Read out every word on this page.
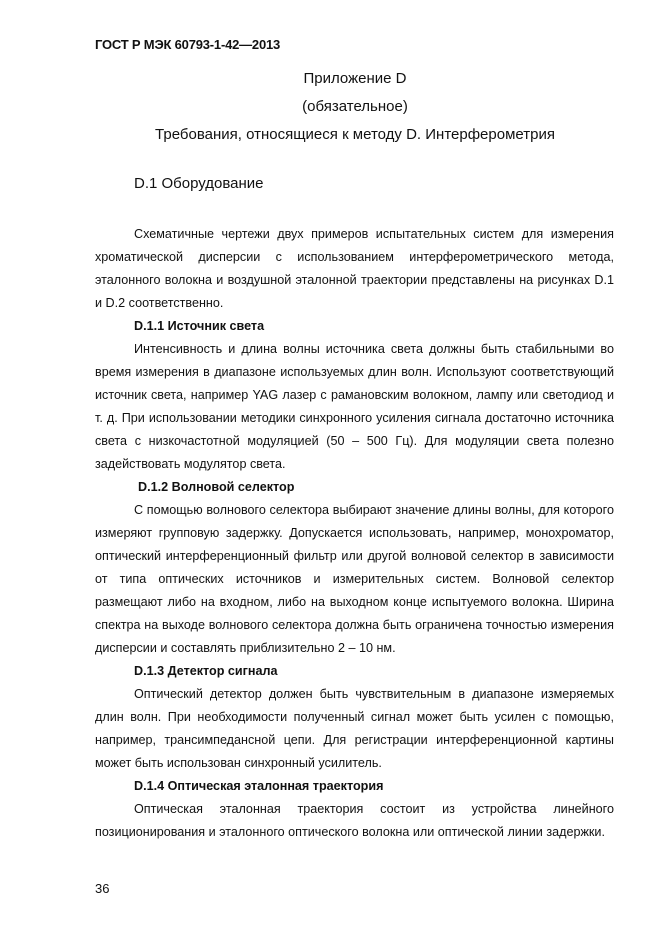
ГОСТ Р МЭК 60793-1-42—2013
Приложение D
(обязательное)
Требования, относящиеся к методу D. Интерферометрия
D.1 Оборудование
Схематичные чертежи двух примеров испытательных систем для измерения хроматической дисперсии с использованием интерферометрического метода, эталонного волокна и воздушной эталонной траектории представлены на рисунках D.1 и D.2 соответственно.
D.1.1 Источник света
Интенсивность и длина волны источника света должны быть стабильными во время измерения в диапазоне используемых длин волн. Используют соответствующий источник света, например YAG лазер с рамановским волокном, лампу или светодиод и т. д. При использовании методики синхронного усиления сигнала достаточно источника света с низкочастотной модуляцией (50 – 500 Гц). Для модуляции света полезно задействовать модулятор света.
D.1.2 Волновой селектор
С помощью волнового селектора выбирают значение длины волны, для которого измеряют групповую задержку. Допускается использовать, например, монохроматор, оптический интерференционный фильтр или другой волновой селектор в зависимости от типа оптических источников и измерительных систем. Волновой селектор размещают либо на входном, либо на выходном конце испытуемого волокна. Ширина спектра на выходе волнового селектора должна быть ограничена точностью измерения дисперсии и составлять приблизительно 2 – 10 нм.
D.1.3 Детектор сигнала
Оптический детектор должен быть чувствительным в диапазоне измеряемых длин волн. При необходимости полученный сигнал может быть усилен с помощью, например, трансимпедансной цепи. Для регистрации интерференционной картины может быть использован синхронный усилитель.
D.1.4 Оптическая эталонная траектория
Оптическая эталонная траектория состоит из устройства линейного позиционирования и эталонного оптического волокна или оптической линии задержки.
36
